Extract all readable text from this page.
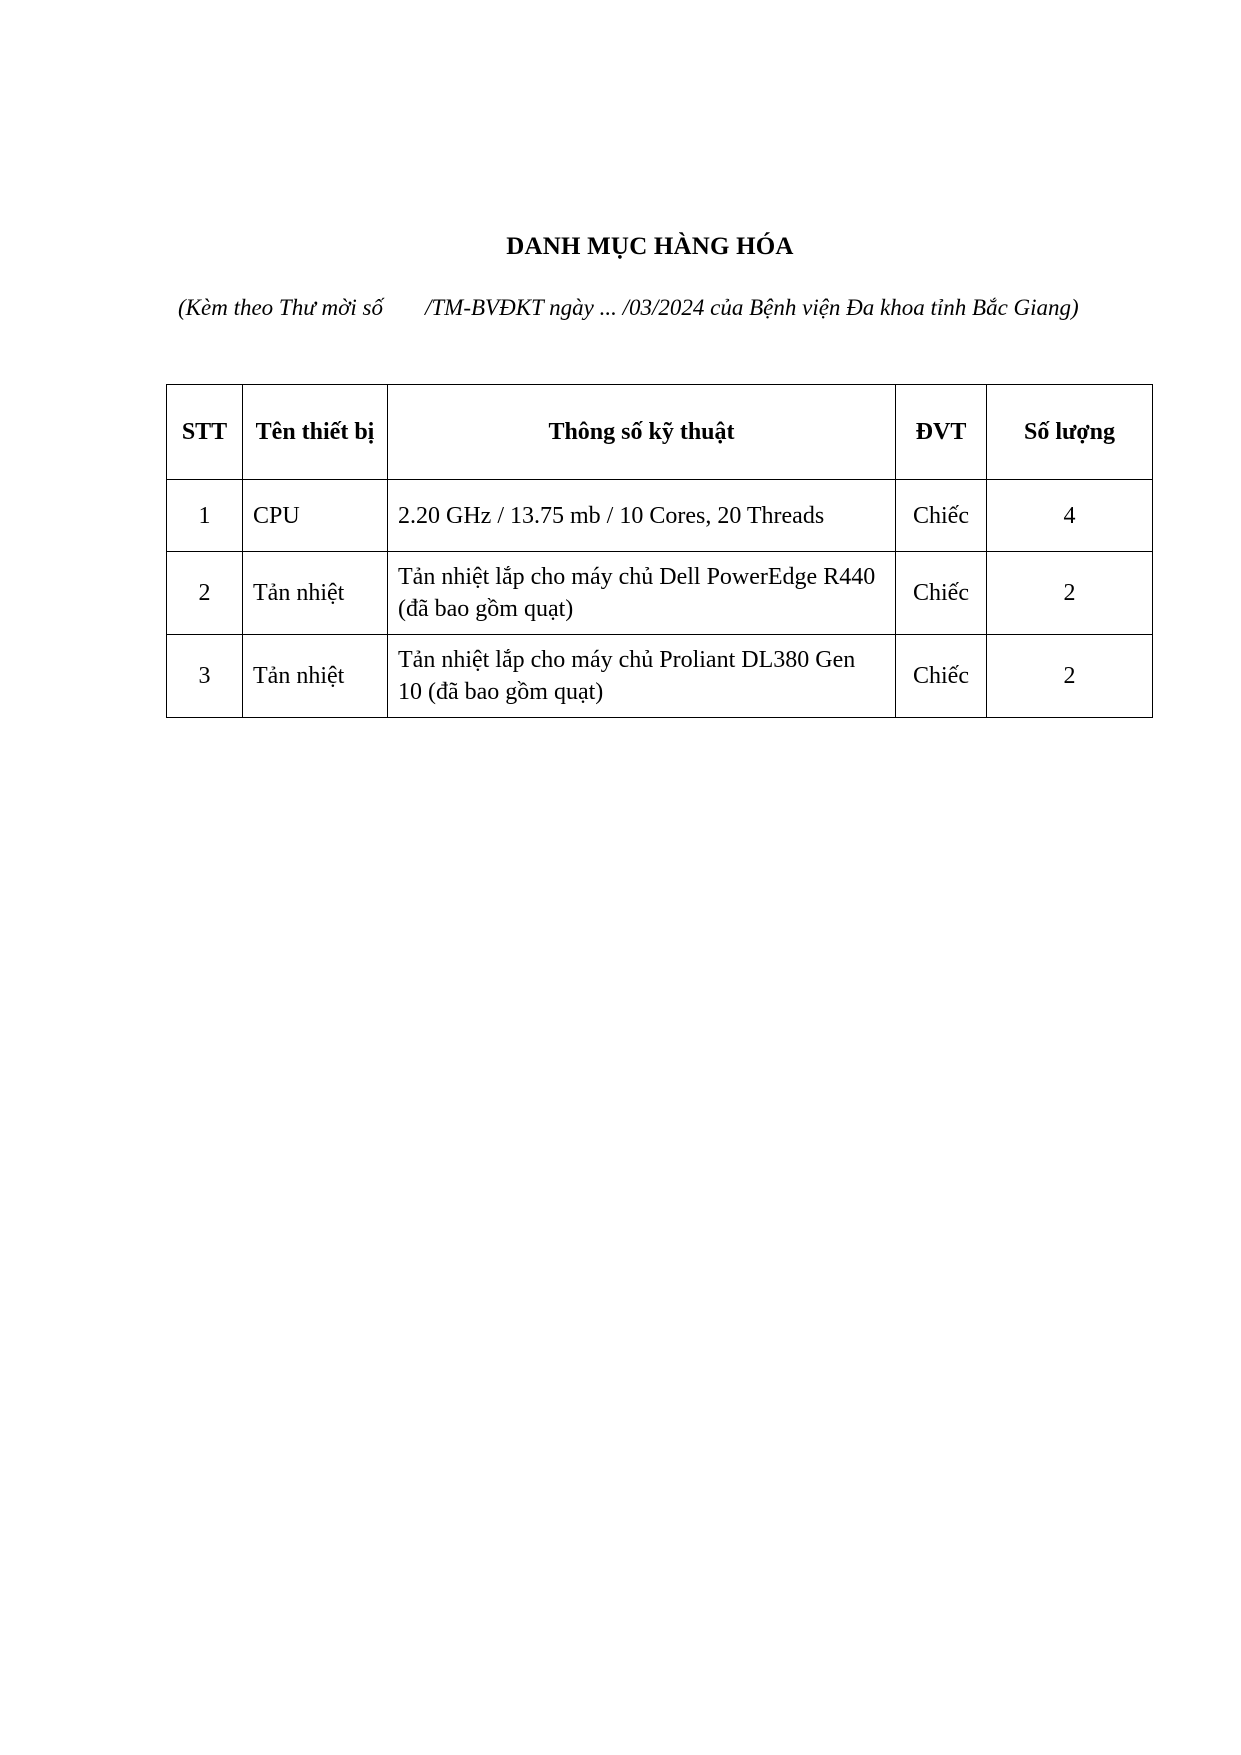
DANH MỤC HÀNG HÓA
(Kèm theo Thư mời số /TM-BVĐKT ngày ... /03/2024 của Bệnh viện Đa khoa tỉnh Bắc Giang)
STT	Tên thiết bị	Thông số kỹ thuật	ĐVT	Số lượng
1	CPU	2.20 GHz / 13.75 mb / 10 Cores, 20 Threads	Chiếc	4
2	Tản nhiệt	Tản nhiệt lắp cho máy chủ Dell PowerEdge R440 (đã bao gồm quạt)	Chiếc	2
3	Tản nhiệt	Tản nhiệt lắp cho máy chủ Proliant DL380 Gen 10 (đã bao gồm quạt)	Chiếc	2
